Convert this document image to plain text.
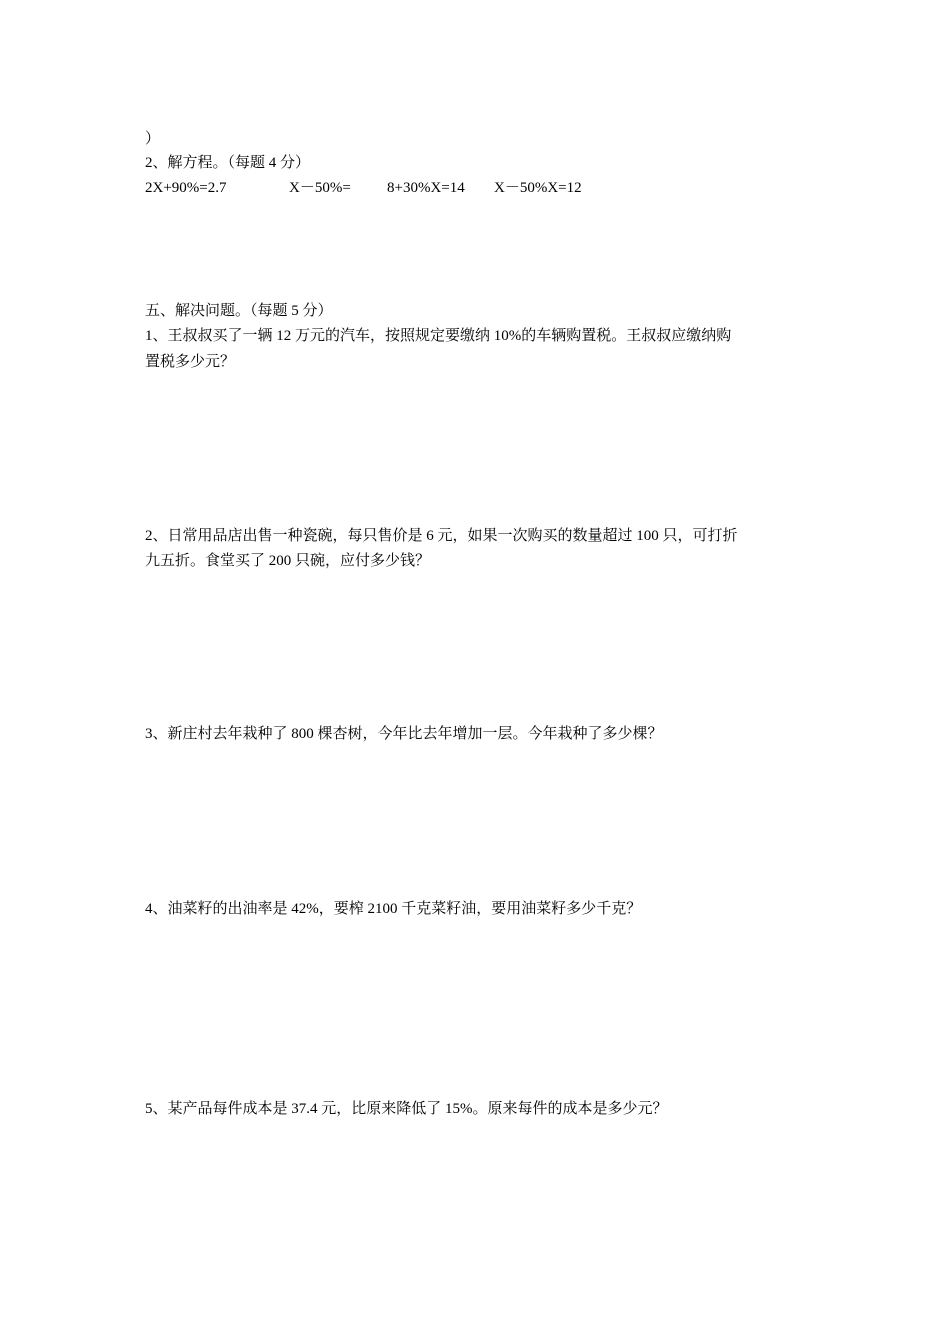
）
2、解方程。（每题 4 分）
2X+90%=2.7	X－50%= 8+30%X=14 X－50%X=12
五、解决问题。（每题 5 分）
1、王叔叔买了一辆 12 万元的汽车，按照规定要缴纳 10%的车辆购置税。王叔叔应缴纳购
置税多少元？
2、日常用品店出售一种瓷碗，每只售价是 6 元，如果一次购买的数量超过 100 只，可打折
九五折。食堂买了 200 只碗，应付多少钱？
3、新庄村去年栽种了 800 棵杏树，今年比去年增加一层。今年栽种了多少棵？
4、油菜籽的出油率是 42%，要榨 2100 千克菜籽油，要用油菜籽多少千克？
5、某产品每件成本是 37.4 元，比原来降低了 15%。原来每件的成本是多少元？
